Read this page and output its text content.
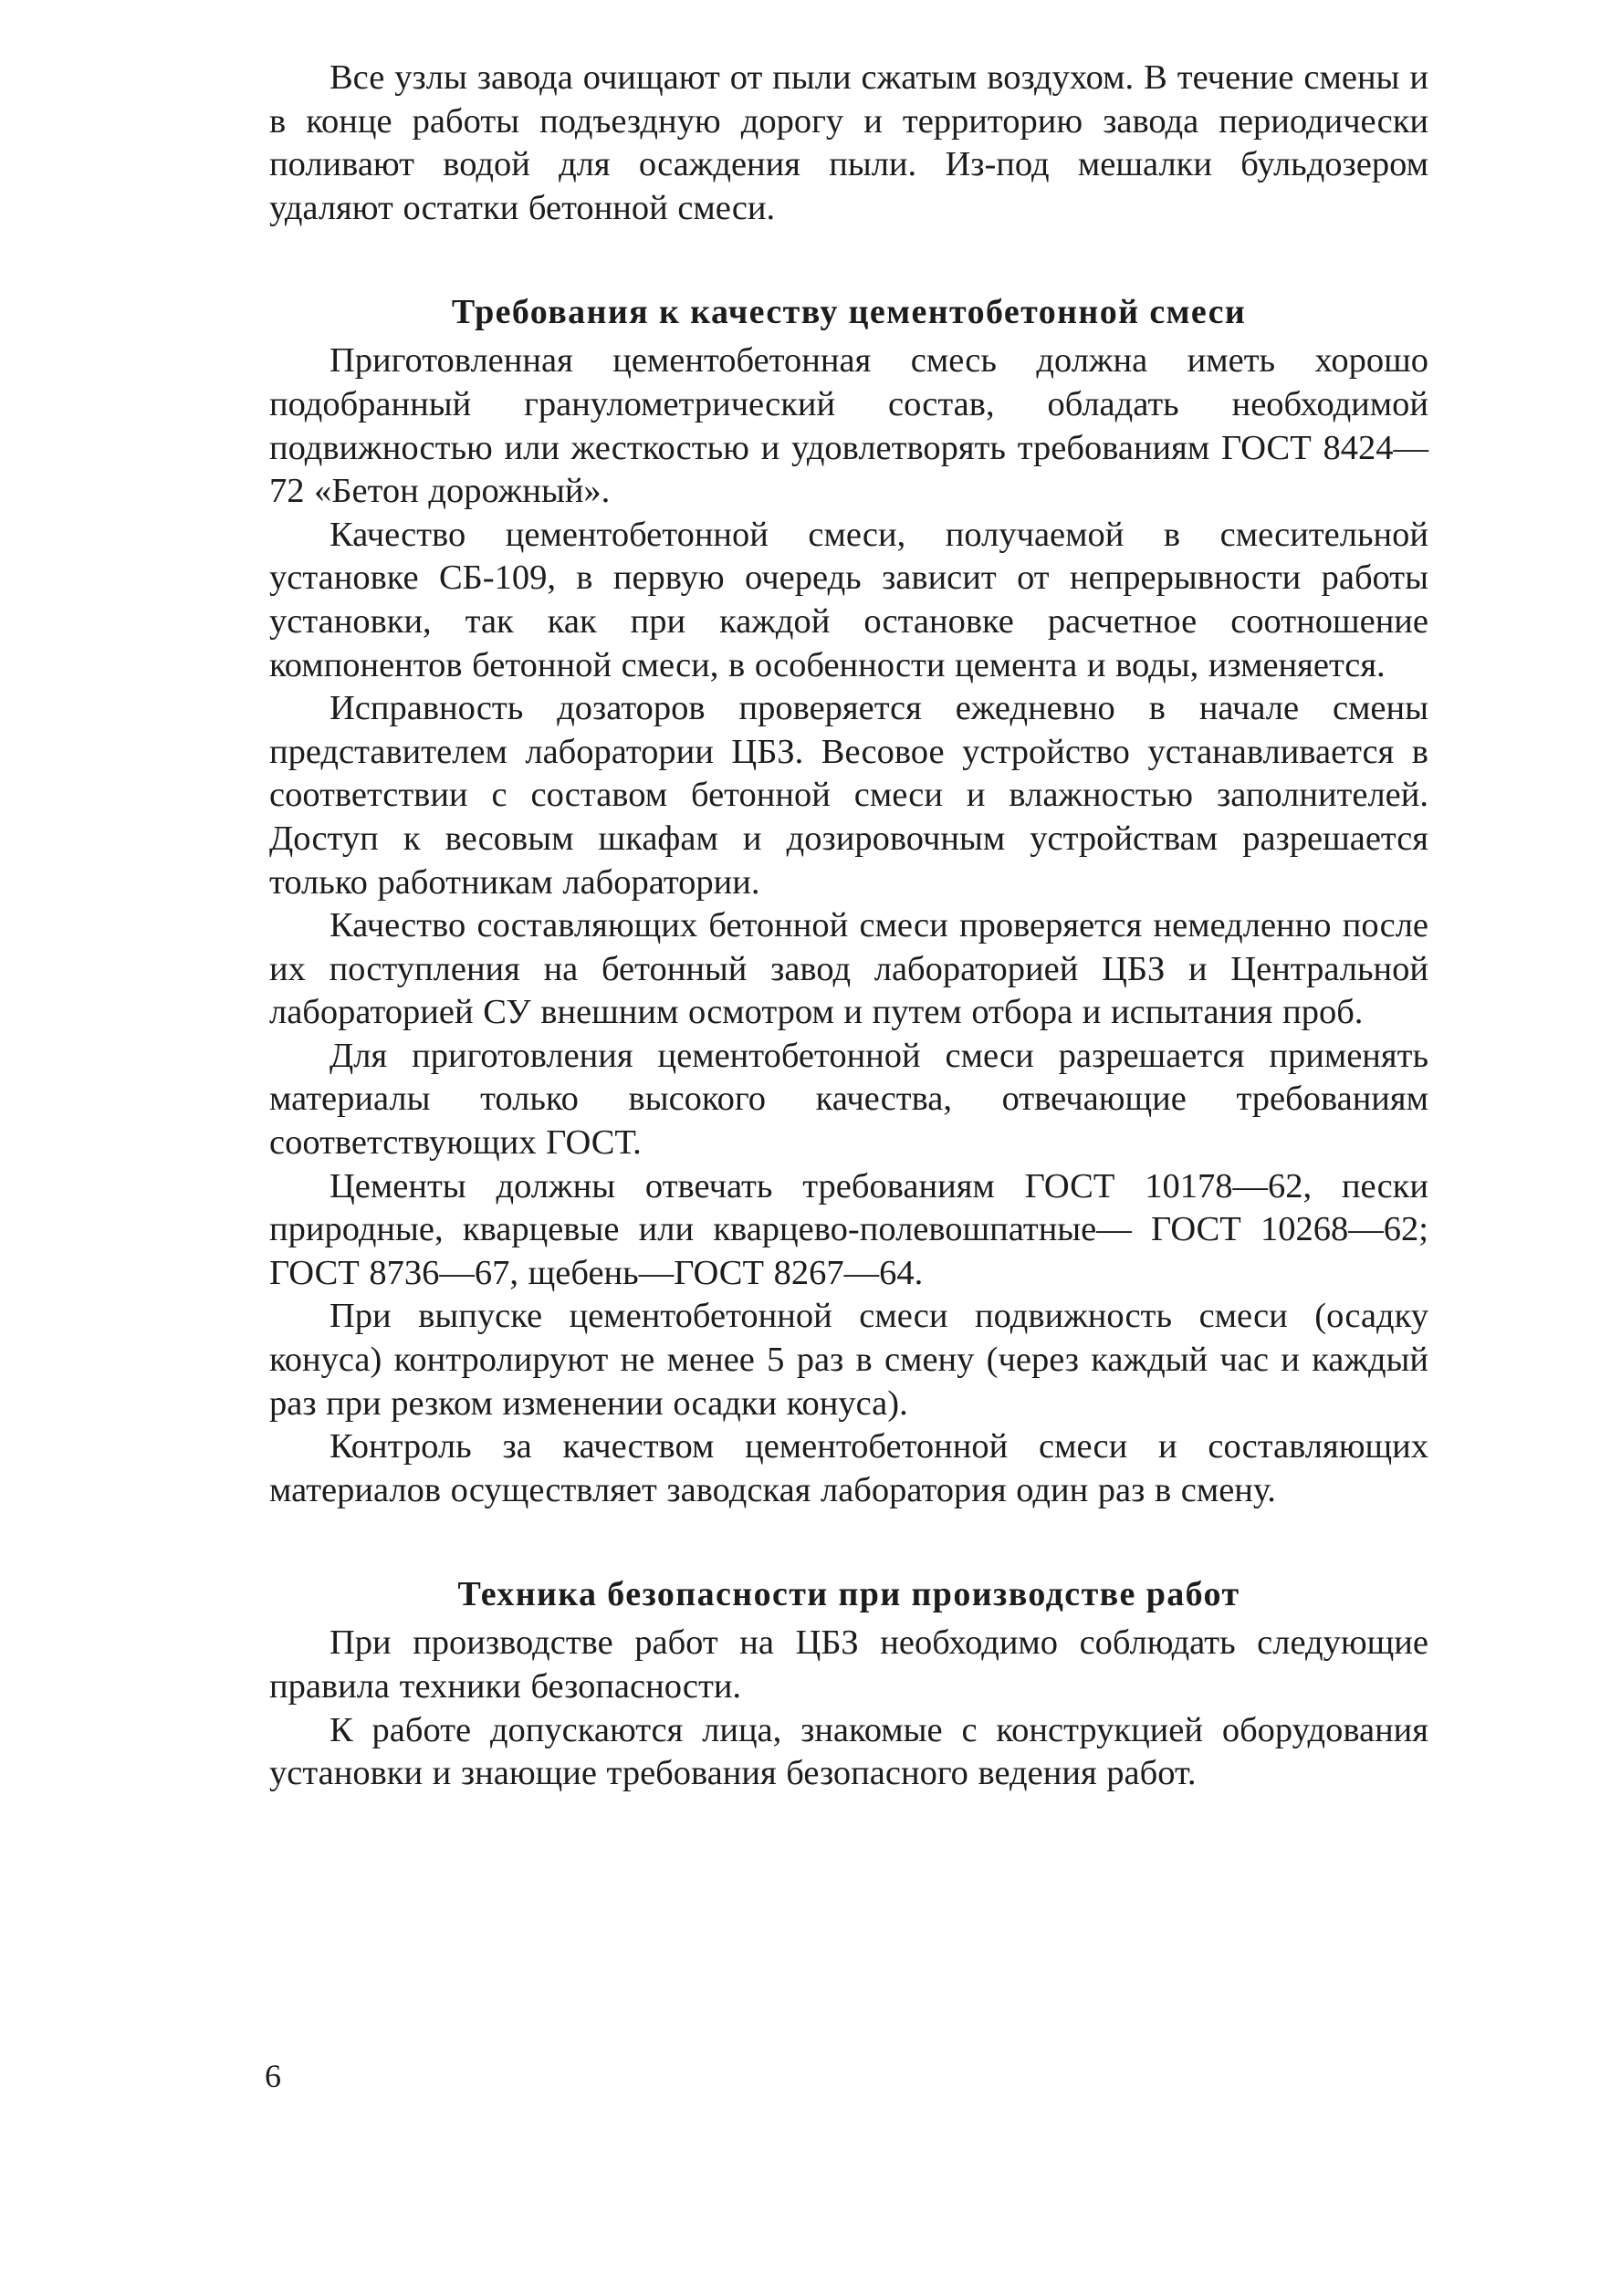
Все узлы завода очищают от пыли сжатым воздухом. В течение смены и в конце работы подъездную дорогу и территорию завода периодически поливают водой для осаждения пыли. Из-под мешалки бульдозером удаляют остатки бетонной смеси.

Требования к качеству цементобетонной смеси

Приготовленная цементобетонная смесь должна иметь хорошо подобранный гранулометрический состав, обладать необходимой подвижностью или жесткостью и удовлетворять требованиям ГОСТ 8424—72 «Бетон дорожный».

Качество цементобетонной смеси, получаемой в смесительной установке СБ-109, в первую очередь зависит от непрерывности работы установки, так как при каждой остановке расчетное соотношение компонентов бетонной смеси, в особенности цемента и воды, изменяется.

Исправность дозаторов проверяется ежедневно в начале смены представителем лаборатории ЦБЗ. Весовое устройство устанавливается в соответствии с составом бетонной смеси и влажностью заполнителей. Доступ к весовым шкафам и дозировочным устройствам разрешается только работникам лаборатории.

Качество составляющих бетонной смеси проверяется немедленно после их поступления на бетонный завод лабораторией ЦБЗ и Центральной лабораторией СУ внешним осмотром и путем отбора и испытания проб.

Для приготовления цементобетонной смеси разрешается применять материалы только высокого качества, отвечающие требованиям соответствующих ГОСТ.

Цементы должны отвечать требованиям ГОСТ 10178—62, пески природные, кварцевые или кварцево-полевошпатные— ГОСТ 10268—62; ГОСТ 8736—67, щебень—ГОСТ 8267—64.

При выпуске цементобетонной смеси подвижность смеси (осадку конуса) контролируют не менее 5 раз в смену (через каждый час и каждый раз при резком изменении осадки конуса).

Контроль за качеством цементобетонной смеси и составляющих материалов осуществляет заводская лаборатория один раз в смену.

Техника безопасности при производстве работ

При производстве работ на ЦБЗ необходимо соблюдать следующие правила техники безопасности.

К работе допускаются лица, знакомые с конструкцией оборудования установки и знающие требования безопасного ведения работ.

6
